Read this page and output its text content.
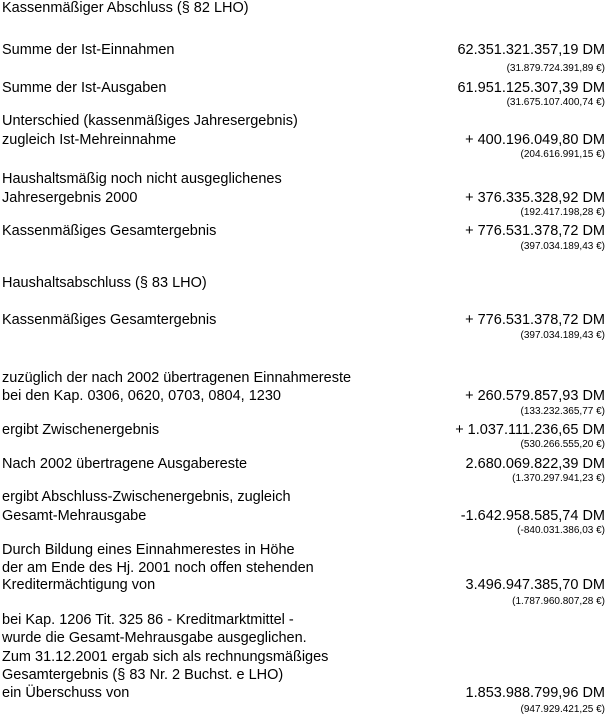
Kassenmäßiger Abschluss (§ 82 LHO)
Summe der Ist-Einnahmen	62.351.321.357,19 DM
(31.879.724.391,89 €)
Summe der Ist-Ausgaben	61.951.125.307,39 DM
(31.675.107.400,74 €)
Unterschied (kassenmäßiges Jahresergebnis)
zugleich Ist-Mehreinnahme	+ 400.196.049,80 DM
(204.616.991,15 €)
Haushaltsmäßig noch nicht ausgeglichenes
Jahresergebnis 2000	+ 376.335.328,92 DM
(192.417.198,28 €)
Kassenmäßiges Gesamtergebnis	+ 776.531.378,72 DM
(397.034.189,43 €)
Haushaltsabschluss (§ 83 LHO)
Kassenmäßiges Gesamtergebnis	+ 776.531.378,72 DM
(397.034.189,43 €)
zuzüglich der nach 2002 übertragenen Einnahmereste
bei den Kap. 0306, 0620, 0703, 0804, 1230	+ 260.579.857,93 DM
(133.232.365,77 €)
ergibt Zwischenergebnis	+ 1.037.111.236,65 DM
(530.266.555,20 €)
Nach 2002 übertragene Ausgabereste	2.680.069.822,39 DM
(1.370.297.941,23 €)
ergibt Abschluss-Zwischenergebnis, zugleich
Gesamt-Mehrausgabe	-1.642.958.585,74 DM
(-840.031.386,03 €)
Durch Bildung eines Einnahmerestes in Höhe
der am Ende des Hj. 2001 noch offen stehenden
Kreditermächtigung von	3.496.947.385,70 DM
(1.787.960.807,28 €)
bei Kap. 1206 Tit. 325 86 - Kreditmarktmittel -
wurde die Gesamt-Mehrausgabe ausgeglichen.
Zum 31.12.2001 ergab sich als rechnungsmäßiges
Gesamtergebnis (§ 83 Nr. 2 Buchst. e LHO)
ein Überschuss von	1.853.988.799,96 DM
(947.929.421,25 €)
